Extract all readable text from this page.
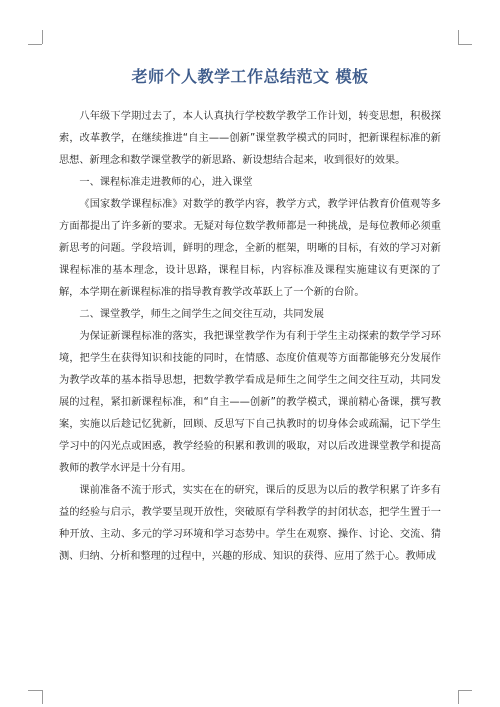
老师个人教学工作总结范文 模板

八年级下学期过去了，本人认真执行学校数学教学工作计划，转变思想，积极探索，改革教学，在继续推进“自主——创新”课堂教学模式的同时，把新课程标准的新思想、新理念和数学课堂教学的新思路、新设想结合起来，收到很好的效果。

一、课程标准走进教师的心，进入课堂

《国家数学课程标准》对数学的教学内容，教学方式，教学评估教育价值观等多方面都提出了许多新的要求。无疑对每位数学教师都是一种挑战，是每位教师必须重新思考的问题。学段培训，鲜明的理念，全新的框架，明晰的目标，有效的学习对新课程标准的基本理念，设计思路，课程目标，内容标准及课程实施建议有更深的了解，本学期在新课程标准的指导教育教学改革跃上了一个新的台阶。

二、课堂教学，师生之间学生之间交往互动，共同发展

为保证新课程标准的落实，我把课堂教学作为有利于学生主动探索的数学学习环境，把学生在获得知识和技能的同时，在情感、态度价值观等方面都能够充分发展作为教学改革的基本指导思想，把数学教学看成是师生之间学生之间交往互动，共同发展的过程，紧扣新课程标准，和“自主——创新”的教学模式，课前精心备课，撰写教案，实施以后趁记忆犹新，回顾、反思写下自己执教时的切身体会或疏漏，记下学生学习中的闪光点或困惑，教学经验的积累和教训的吸取，对以后改进课堂教学和提高教师的教学水评是十分有用。

课前准备不流于形式，实实在在的研究，课后的反思为以后的教学积累了许多有益的经验与启示，教学要呈现开放性，突破原有学科教学的封闭状态，把学生置于一种开放、主动、多元的学习环境和学习态势中。学生在观察、操作、讨论、交流、猜测、归纳、分析和整理的过程中，兴趣的形成、知识的获得、应用了然于心。教师成
